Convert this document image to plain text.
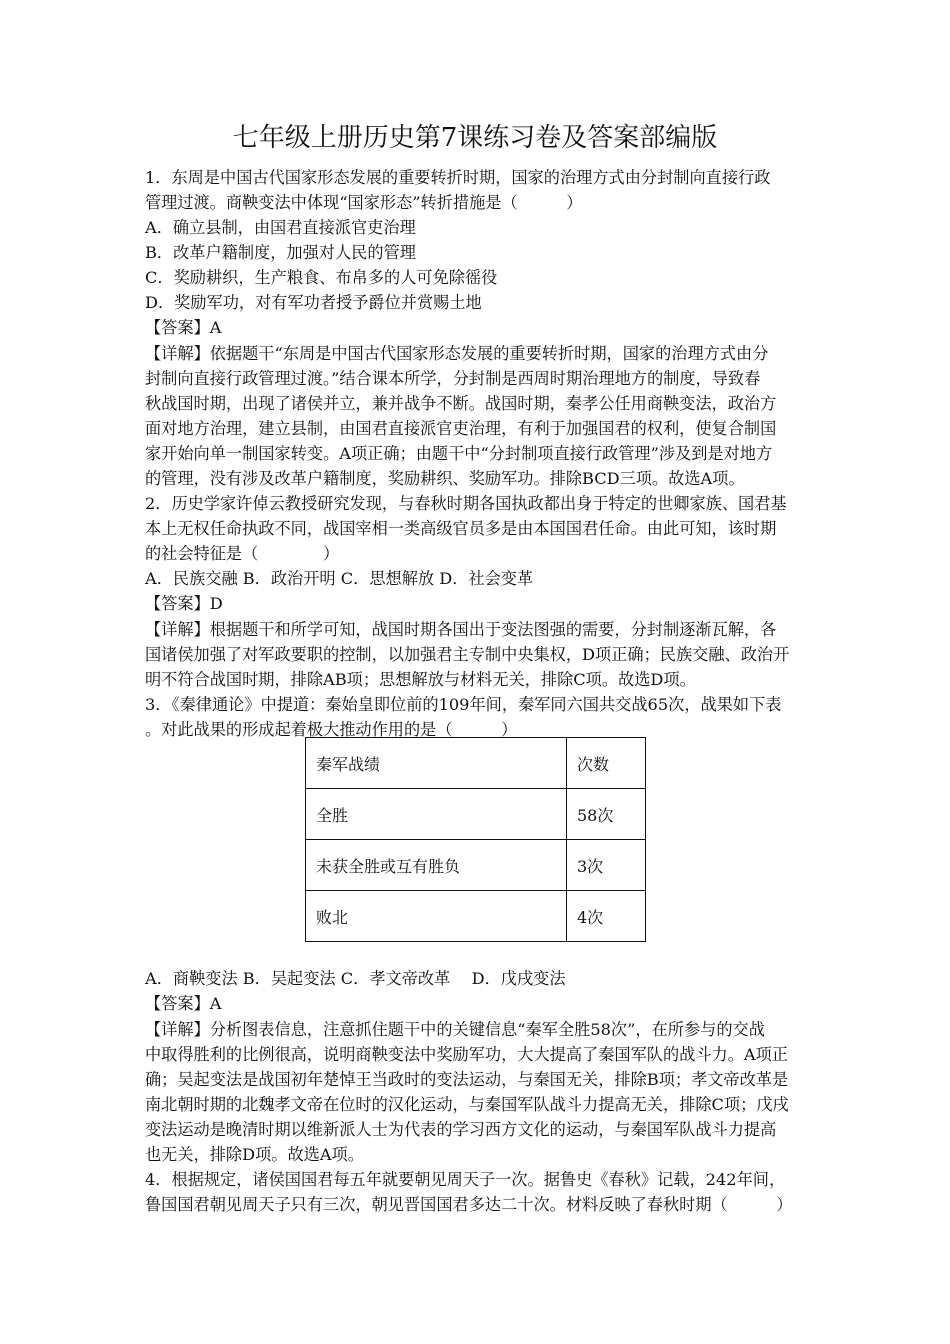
七年级上册历史第7课练习卷及答案部编版

1．东周是中国古代国家形态发展的重要转折时期，国家的治理方式由分封制向直接行政

管理过渡。商鞅变法中体现“国家形态”转折措施是（　　　）

A．确立县制，由国君直接派官吏治理

B．改革户籍制度，加强对人民的管理

C．奖励耕织，生产粮食、布帛多的人可免除徭役

D．奖励军功，对有军功者授予爵位并赏赐土地

【答案】A

【详解】依据题干“东周是中国古代国家形态发展的重要转折时期，国家的治理方式由分

封制向直接行政管理过渡。”结合课本所学，分封制是西周时期治理地方的制度，导致春

秋战国时期，出现了诸侯并立，兼并战争不断。战国时期，秦孝公任用商鞅变法，政治方

面对地方治理，建立县制，由国君直接派官吏治理，有利于加强国君的权利，使复合制国

家开始向单一制国家转变。A项正确；由题干中“分封制项直接行政管理”涉及到是对地方

的管理，没有涉及改革户籍制度，奖励耕织、奖励军功。排除BCD三项。故选A项。

2．历史学家许倬云教授研究发现，与春秋时期各国执政都出身于特定的世卿家族、国君基

本上无权任命执政不同，战国宰相一类高级官员多是由本国国君任命。由此可知，该时期

的社会特征是（　　　　）

A．民族交融 B．政治开明 C．思想解放 D．社会变革

【答案】D

【详解】根据题干和所学可知，战国时期各国出于变法图强的需要，分封制逐渐瓦解，各

国诸侯加强了对军政要职的控制，以加强君主专制中央集权，D项正确；民族交融、政治开

明不符合战国时期，排除AB项；思想解放与材料无关，排除C项。故选D项。

3．《秦律通论》中提道：秦始皇即位前的109年间，秦军同六国共交战65次，战果如下表

。对此战果的形成起着极大推动作用的是（　　　）

秦军战绩	次数
全胜	58次
未获全胜或互有胜负	3次
败北	4次

A．商鞅变法 B．吴起变法 C．孝文帝改革　 D．戊戌变法

【答案】A

【详解】分析图表信息，注意抓住题干中的关键信息“秦军全胜58次”，在所参与的交战

中取得胜利的比例很高，说明商鞅变法中奖励军功，大大提高了秦国军队的战斗力。A项正

确；吴起变法是战国初年楚悼王当政时的变法运动，与秦国无关，排除B项；孝文帝改革是

南北朝时期的北魏孝文帝在位时的汉化运动，与秦国军队战斗力提高无关，排除C项；戊戌

变法运动是晚清时期以维新派人士为代表的学习西方文化的运动，与秦国军队战斗力提高

也无关，排除D项。故选A项。

4．根据规定，诸侯国国君每五年就要朝见周天子一次。据鲁史《春秋》记载，242年间，

鲁国国君朝见周天子只有三次，朝见晋国国君多达二十次。材料反映了春秋时期（　　　）
